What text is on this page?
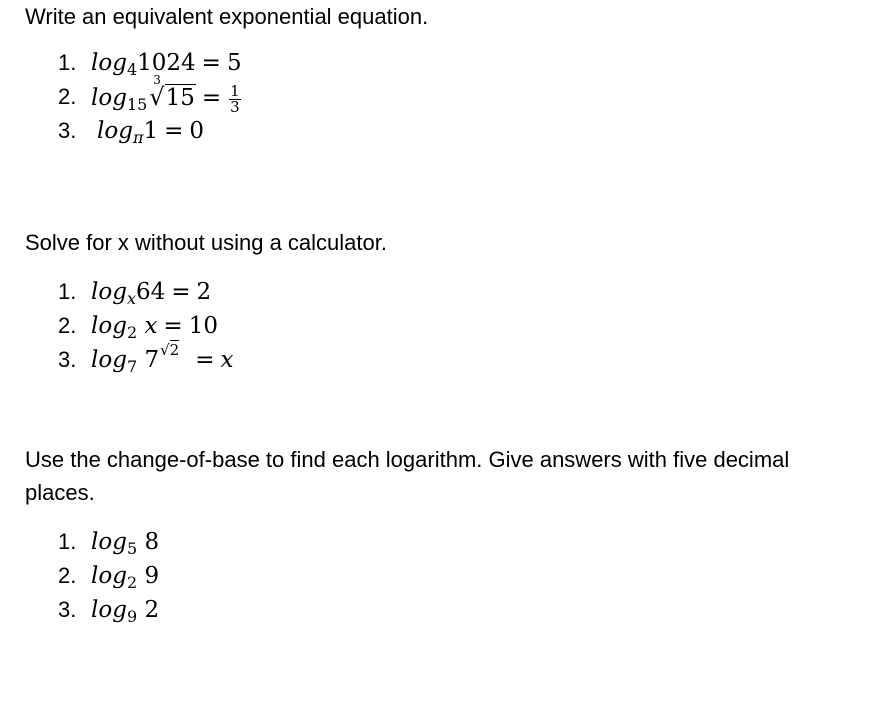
Write an equivalent exponential equation.

1. $\log_41024 = 5$
2. $\log_{15}$
3
$√15 = \frac{1}{3}$
3. $\log_\pi 1 = 0$

Solve for x without using a calculator.

1. $\log_x64 = 2$
2. $\log_2 x = 10$
3. $\log_7 7^{√2} = x$

Use the change-of-base to find each logarithm. Give answers with five decimal places.

1. $\log_5 8$
2. $\log_2 9$
3. $\log_9 2$
